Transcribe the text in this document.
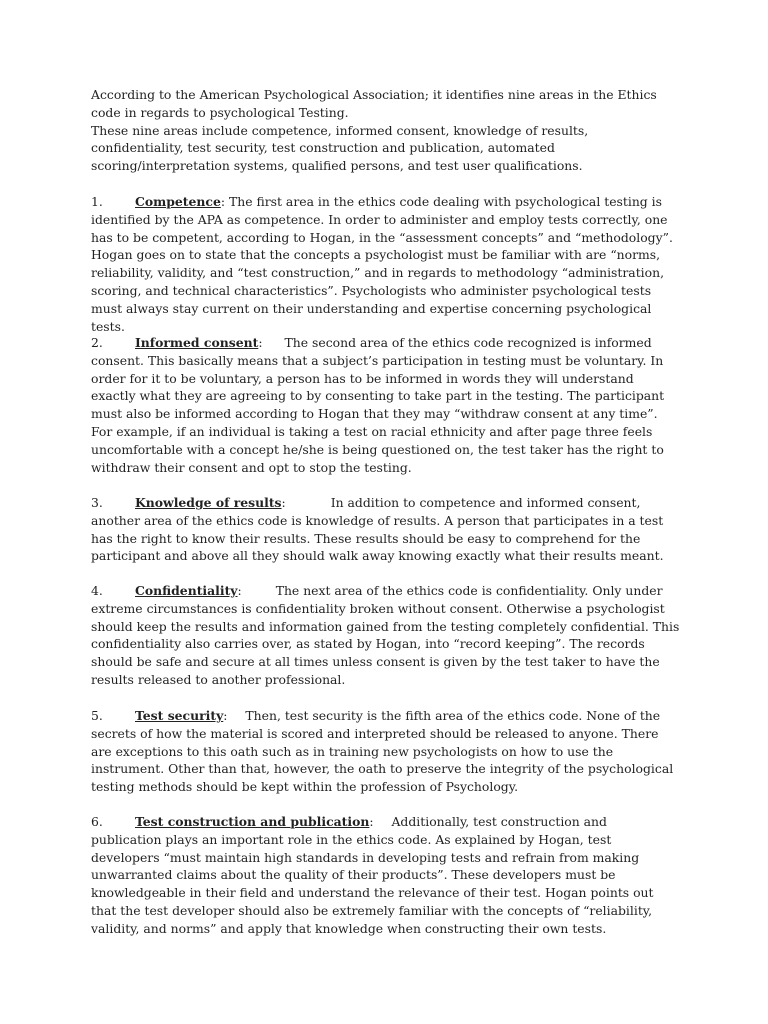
According to the American Psychological Association; it identifies nine areas in the Ethics code in regards to psychological Testing.

These nine areas include competence, informed consent, knowledge of results, confidentiality, test security, test construction and publication, automated scoring/interpretation systems, qualified persons, and test user qualifications.

1.	Competence: The first area in the ethics code dealing with psychological testing is identified by the APA as competence. In order to administer and employ tests correctly, one has to be competent, according to Hogan, in the “assessment concepts” and “methodology”. Hogan goes on to state that the concepts a psychologist must be familiar with are “norms, reliability, validity, and “test construction,” and in regards to methodology “administration, scoring, and technical characteristics”. Psychologists who administer psychological tests must always stay current on their understanding and expertise concerning psychological tests.

2.	Informed consent: The second area of the ethics code recognized is informed consent. This basically means that a subject’s participation in testing must be voluntary. In order for it to be voluntary, a person has to be informed in words they will understand exactly what they are agreeing to by consenting to take part in the testing. The participant must also be informed according to Hogan that they may “withdraw consent at any time”. For example, if an individual is taking a test on racial ethnicity and after page three feels uncomfortable with a concept he/she is being questioned on, the test taker has the right to withdraw their consent and opt to stop the testing.

3.	Knowledge of results:	In addition to competence and informed consent, another area of the ethics code is knowledge of results. A person that participates in a test has the right to know their results. These results should be easy to comprehend for the participant and above all they should walk away knowing exactly what their results meant.

4.	Confidentiality:	The next area of the ethics code is confidentiality. Only under extreme circumstances is confidentiality broken without consent. Otherwise a psychologist should keep the results and information gained from the testing completely confidential. This confidentiality also carries over, as stated by Hogan, into “record keeping”. The records should be safe and secure at all times unless consent is given by the test taker to have the results released to another professional.

5.	Test security: Then, test security is the fifth area of the ethics code. None of the secrets of how the material is scored and interpreted should be released to anyone. There are exceptions to this oath such as in training new psychologists on how to use the instrument. Other than that, however, the oath to preserve the integrity of the psychological testing methods should be kept within the profession of Psychology.

6.	Test construction and publication: Additionally, test construction and publication plays an important role in the ethics code. As explained by Hogan, test developers “must maintain high standards in developing tests and refrain from making unwarranted claims about the quality of their products”. These developers must be knowledgeable in their field and understand the relevance of their test. Hogan points out that the test developer should also be extremely familiar with the concepts of “reliability, validity, and norms” and apply that knowledge when constructing their own tests.
